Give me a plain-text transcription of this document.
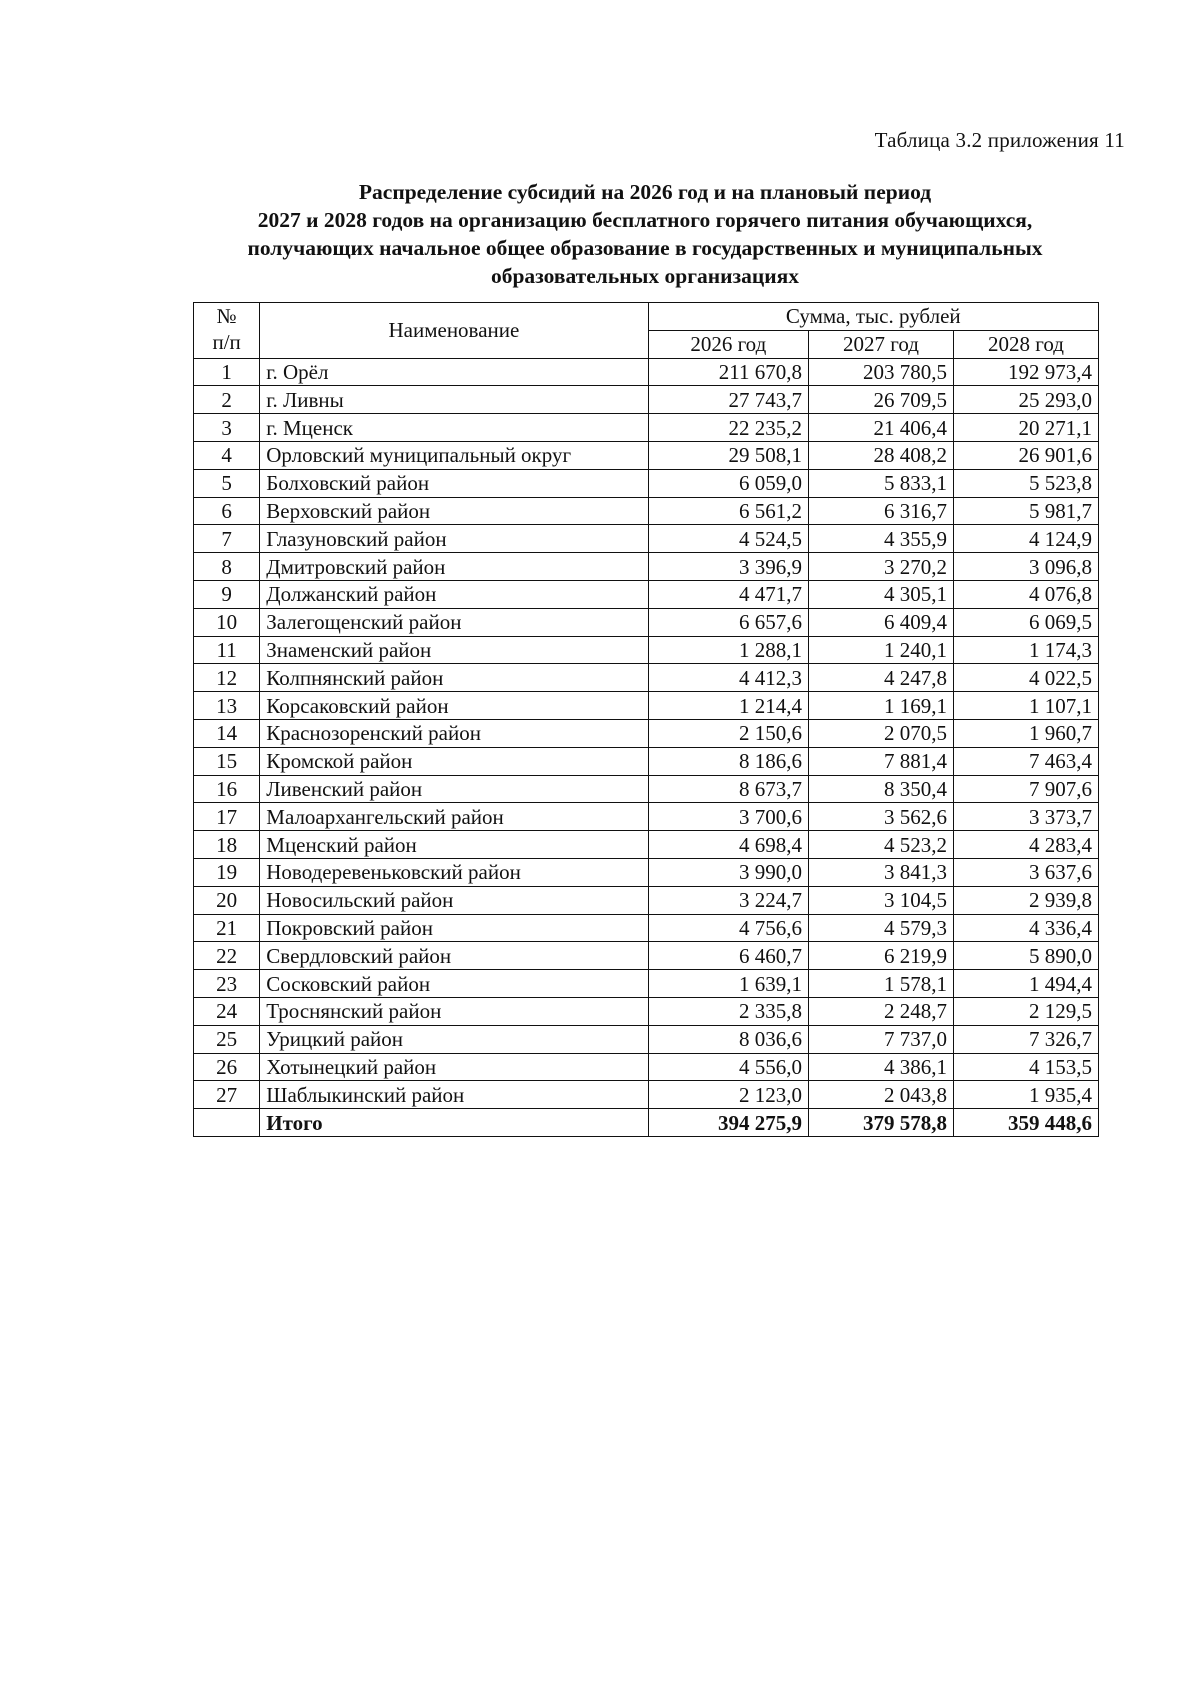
Таблица 3.2 приложения 11
Распределение субсидий на 2026 год и на плановый период
2027 и 2028 годов на организацию бесплатного горячего питания обучающихся,
получающих начальное общее образование в государственных и муниципальных
образовательных организациях
№
п/п	Наименование	Сумма, тыс. рублей		
		2026 год	2027 год	2028 год
1	г. Орёл	211 670,8	203 780,5	192 973,4
2	г. Ливны	27 743,7	26 709,5	25 293,0
3	г. Мценск	22 235,2	21 406,4	20 271,1
4	Орловский муниципальный округ	29 508,1	28 408,2	26 901,6
5	Болховский район	6 059,0	5 833,1	5 523,8
6	Верховский район	6 561,2	6 316,7	5 981,7
7	Глазуновский район	4 524,5	4 355,9	4 124,9
8	Дмитровский район	3 396,9	3 270,2	3 096,8
9	Должанский район	4 471,7	4 305,1	4 076,8
10	Залегощенский район	6 657,6	6 409,4	6 069,5
11	Знаменский район	1 288,1	1 240,1	1 174,3
12	Колпнянский район	4 412,3	4 247,8	4 022,5
13	Корсаковский район	1 214,4	1 169,1	1 107,1
14	Краснозоренский район	2 150,6	2 070,5	1 960,7
15	Кромской район	8 186,6	7 881,4	7 463,4
16	Ливенский район	8 673,7	8 350,4	7 907,6
17	Малоархангельский район	3 700,6	3 562,6	3 373,7
18	Мценский район	4 698,4	4 523,2	4 283,4
19	Новодеревеньковский район	3 990,0	3 841,3	3 637,6
20	Новосильский район	3 224,7	3 104,5	2 939,8
21	Покровский район	4 756,6	4 579,3	4 336,4
22	Свердловский район	6 460,7	6 219,9	5 890,0
23	Сосковский район	1 639,1	1 578,1	1 494,4
24	Троснянский район	2 335,8	2 248,7	2 129,5
25	Урицкий район	8 036,6	7 737,0	7 326,7
26	Хотынецкий район	4 556,0	4 386,1	4 153,5
27	Шаблыкинский район	2 123,0	2 043,8	1 935,4
	Итого	394 275,9	379 578,8	359 448,6
